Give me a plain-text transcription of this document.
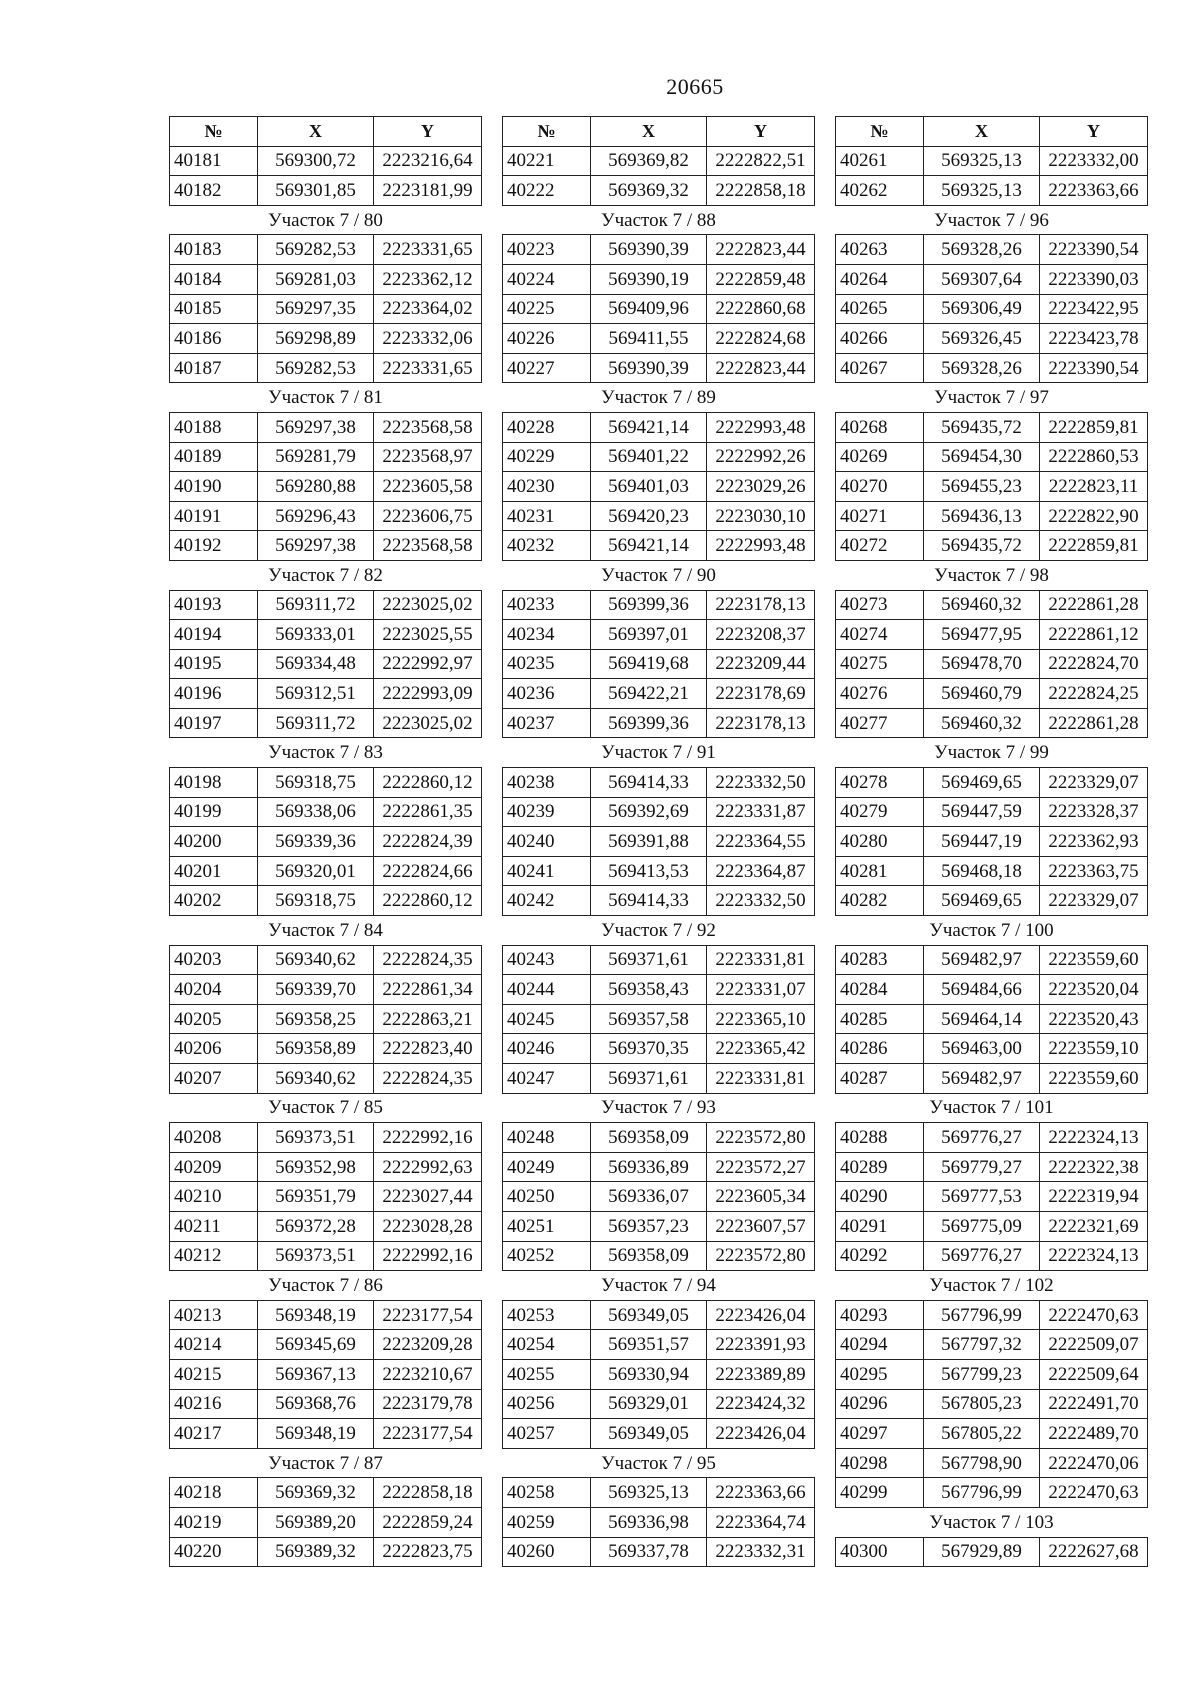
20665
№	X	Y
40181	569300,72	2223216,64
40182	569301,85	2223181,99
Участок 7 / 80		
40183	569282,53	2223331,65
40184	569281,03	2223362,12
40185	569297,35	2223364,02
40186	569298,89	2223332,06
40187	569282,53	2223331,65
Участок 7 / 81		
40188	569297,38	2223568,58
40189	569281,79	2223568,97
40190	569280,88	2223605,58
40191	569296,43	2223606,75
40192	569297,38	2223568,58
Участок 7 / 82		
40193	569311,72	2223025,02
40194	569333,01	2223025,55
40195	569334,48	2222992,97
40196	569312,51	2222993,09
40197	569311,72	2223025,02
Участок 7 / 83		
40198	569318,75	2222860,12
40199	569338,06	2222861,35
40200	569339,36	2222824,39
40201	569320,01	2222824,66
40202	569318,75	2222860,12
Участок 7 / 84		
40203	569340,62	2222824,35
40204	569339,70	2222861,34
40205	569358,25	2222863,21
40206	569358,89	2222823,40
40207	569340,62	2222824,35
Участок 7 / 85		
40208	569373,51	2222992,16
40209	569352,98	2222992,63
40210	569351,79	2223027,44
40211	569372,28	2223028,28
40212	569373,51	2222992,16
Участок 7 / 86		
40213	569348,19	2223177,54
40214	569345,69	2223209,28
40215	569367,13	2223210,67
40216	569368,76	2223179,78
40217	569348,19	2223177,54
Участок 7 / 87		
40218	569369,32	2222858,18
40219	569389,20	2222859,24
40220	569389,32	2222823,75
№	X	Y
40221	569369,82	2222822,51
40222	569369,32	2222858,18
Участок 7 / 88		
40223	569390,39	2222823,44
40224	569390,19	2222859,48
40225	569409,96	2222860,68
40226	569411,55	2222824,68
40227	569390,39	2222823,44
Участок 7 / 89		
40228	569421,14	2222993,48
40229	569401,22	2222992,26
40230	569401,03	2223029,26
40231	569420,23	2223030,10
40232	569421,14	2222993,48
Участок 7 / 90		
40233	569399,36	2223178,13
40234	569397,01	2223208,37
40235	569419,68	2223209,44
40236	569422,21	2223178,69
40237	569399,36	2223178,13
Участок 7 / 91		
40238	569414,33	2223332,50
40239	569392,69	2223331,87
40240	569391,88	2223364,55
40241	569413,53	2223364,87
40242	569414,33	2223332,50
Участок 7 / 92		
40243	569371,61	2223331,81
40244	569358,43	2223331,07
40245	569357,58	2223365,10
40246	569370,35	2223365,42
40247	569371,61	2223331,81
Участок 7 / 93		
40248	569358,09	2223572,80
40249	569336,89	2223572,27
40250	569336,07	2223605,34
40251	569357,23	2223607,57
40252	569358,09	2223572,80
Участок 7 / 94		
40253	569349,05	2223426,04
40254	569351,57	2223391,93
40255	569330,94	2223389,89
40256	569329,01	2223424,32
40257	569349,05	2223426,04
Участок 7 / 95		
40258	569325,13	2223363,66
40259	569336,98	2223364,74
40260	569337,78	2223332,31
№	X	Y
40261	569325,13	2223332,00
40262	569325,13	2223363,66
Участок 7 / 96		
40263	569328,26	2223390,54
40264	569307,64	2223390,03
40265	569306,49	2223422,95
40266	569326,45	2223423,78
40267	569328,26	2223390,54
Участок 7 / 97		
40268	569435,72	2222859,81
40269	569454,30	2222860,53
40270	569455,23	2222823,11
40271	569436,13	2222822,90
40272	569435,72	2222859,81
Участок 7 / 98		
40273	569460,32	2222861,28
40274	569477,95	2222861,12
40275	569478,70	2222824,70
40276	569460,79	2222824,25
40277	569460,32	2222861,28
Участок 7 / 99		
40278	569469,65	2223329,07
40279	569447,59	2223328,37
40280	569447,19	2223362,93
40281	569468,18	2223363,75
40282	569469,65	2223329,07
Участок 7 / 100		
40283	569482,97	2223559,60
40284	569484,66	2223520,04
40285	569464,14	2223520,43
40286	569463,00	2223559,10
40287	569482,97	2223559,60
Участок 7 / 101		
40288	569776,27	2222324,13
40289	569779,27	2222322,38
40290	569777,53	2222319,94
40291	569775,09	2222321,69
40292	569776,27	2222324,13
Участок 7 / 102		
40293	567796,99	2222470,63
40294	567797,32	2222509,07
40295	567799,23	2222509,64
40296	567805,23	2222491,70
40297	567805,22	2222489,70
40298	567798,90	2222470,06
40299	567796,99	2222470,63
Участок 7 / 103		
40300	567929,89	2222627,68
